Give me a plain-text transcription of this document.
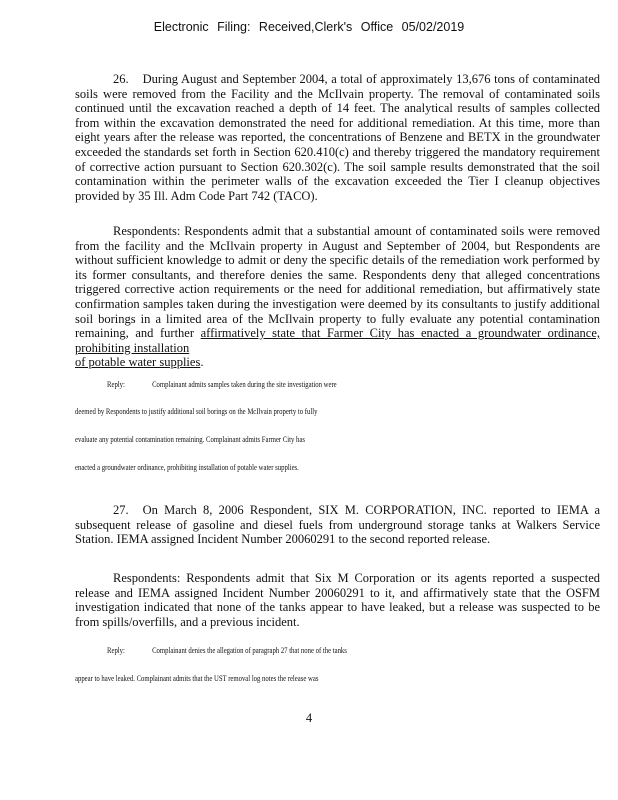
Electronic Filing: Received,Clerk's Office 05/02/2019

26. During August and September 2004, a total of approximately 13,676 tons of contaminated soils were removed from the Facility and the McIlvain property. The removal of contaminated soils continued until the excavation reached a depth of 14 feet. The analytical results of samples collected from within the excavation demonstrated the need for additional remediation. At this time, more than eight years after the release was reported, the concentrations of Benzene and BETX in the groundwater exceeded the standards set forth in Section 620.410(c) and thereby triggered the mandatory requirement of corrective action pursuant to Section 620.302(c). The soil sample results demonstrated that the soil contamination within the perimeter walls of the excavation exceeded the Tier I cleanup objectives provided by 35 Ill. Adm Code Part 742 (TACO).

Respondents: Respondents admit that a substantial amount of contaminated soils were removed from the facility and the McIlvain property in August and September of 2004, but Respondents are without sufficient knowledge to admit or deny the specific details of the remediation work performed by its former consultants, and therefore denies the same. Respondents deny that alleged concentrations triggered corrective action requirements or the need for additional remediation, but affirmatively state confirmation samples taken during the investigation were deemed by its consultants to justify additional soil borings in a limited area of the McIlvain property to fully evaluate any potential contamination remaining, and further affirmatively state that Farmer City has enacted a groundwater ordinance, prohibiting installation
of potable water supplies.

Reply:	Complainant admits samples taken during the site investigation were
deemed by Respondents to justify additional soil borings on the McIlvain property to fully
evaluate any potential contamination remaining. Complainant admits Farmer City has
enacted a groundwater ordinance, prohibiting installation of potable water supplies.

27. On March 8, 2006 Respondent, SIX M. CORPORATION, INC. reported to IEMA a subsequent release of gasoline and diesel fuels from underground storage tanks at Walkers Service Station. IEMA assigned Incident Number 20060291 to the second reported release.

Respondents: Respondents admit that Six M Corporation or its agents reported a suspected release and IEMA assigned Incident Number 20060291 to it, and affirmatively state that the OSFM investigation indicated that none of the tanks appear to have leaked, but a release was suspected to be from spills/overfills, and a previous incident.

Reply:	Complainant denies the allegation of paragraph 27 that none of the tanks
appear to have leaked. Complainant admits that the UST removal log notes the release was
4
